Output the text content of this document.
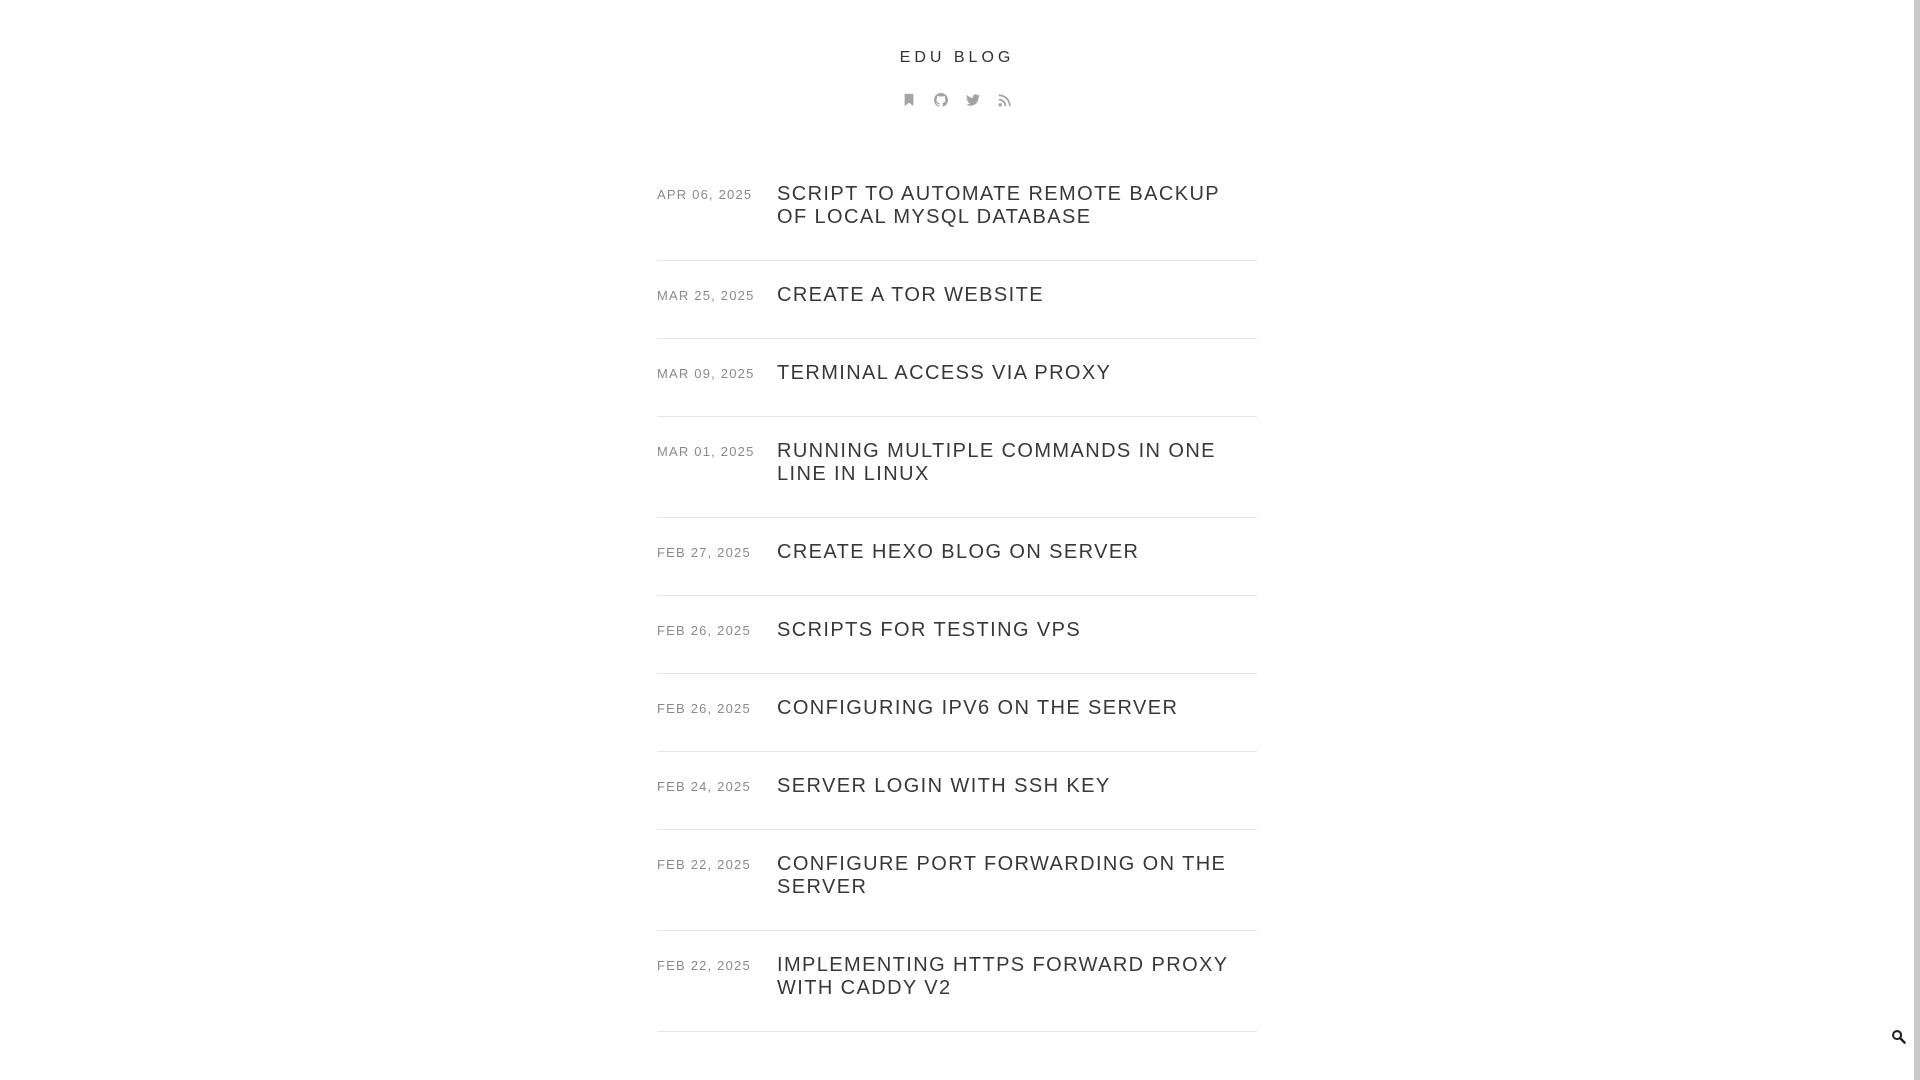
EDU BLOG
APR 06, 2025	SCRIPT TO AUTOMATE REMOTE BACKUP OF LOCAL MYSQL DATABASE
MAR 25, 2025	CREATE A TOR WEBSITE
MAR 09, 2025	TERMINAL ACCESS VIA PROXY
MAR 01, 2025	RUNNING MULTIPLE COMMANDS IN ONE LINE IN LINUX
FEB 27, 2025	CREATE HEXO BLOG ON SERVER
FEB 26, 2025	SCRIPTS FOR TESTING VPS
FEB 26, 2025	CONFIGURING IPV6 ON THE SERVER
FEB 24, 2025	SERVER LOGIN WITH SSH KEY
FEB 22, 2025	CONFIGURE PORT FORWARDING ON THE SERVER
FEB 22, 2025	IMPLEMENTING HTTPS FORWARD PROXY WITH CADDY V2
